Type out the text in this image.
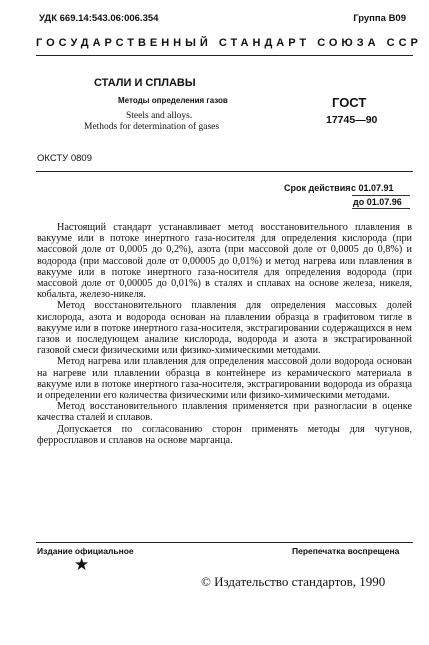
УДК 669.14:543.06:006.354	Группа В09
ГОСУДАРСТВЕННЫЙ СТАНДАРТ СОЮЗА ССР
СТАЛИ И СПЛАВЫ
Методы определения газов
Steels and alloys.
Methods for determination of gases
ГОСТ
17745—90
ОКСТУ 0809
Срок действия с 01.07.91
до 01.07.96

Настоящий стандарт устанавливает метод восстановительного плавления в вакууме или в потоке инертного газа-носителя для определения кислорода (при массовой доле от 0,0005 до 0,2%), азота (при массовой доле от 0,0005 до 0,8%) и водорода (при массовой доле от 0,00005 до 0,01%) и метод нагрева или плавления в вакууме или в потоке инертного газа-носителя для определения водорода (при массовой доле от 0,00005 до 0,01%) в сталях и сплавах на основе железа, никеля, кобальта, железо-никеля.

Метод восстановительного плавления для определения массовых долей кислорода, азота и водорода основан на плавлении образца в графитовом тигле в вакууме или в потоке инертного газа-носителя, экстрагировании содержащихся в нем газов и последующем анализе кислорода, водорода и азота в экстрагированной газовой смеси физическими или физико-химическими методами.

Метод нагрева или плавления для определения массовой доли водорода основан на нагреве или плавлении образца в контейнере из керамического материала в вакууме или в потоке инертного газа-носителя, экстрагировании водорода из образца и определении его количества физическими или физико-химическими методами.

Метод восстановительного плавления применяется при разногласии в оценке качества сталей и сплавов.

Допускается по согласованию сторон применять методы для чугунов, ферросплавов и сплавов на основе марганца.

Издание официальное	Перепечатка воспрещена
★
© Издательство стандартов, 1990
